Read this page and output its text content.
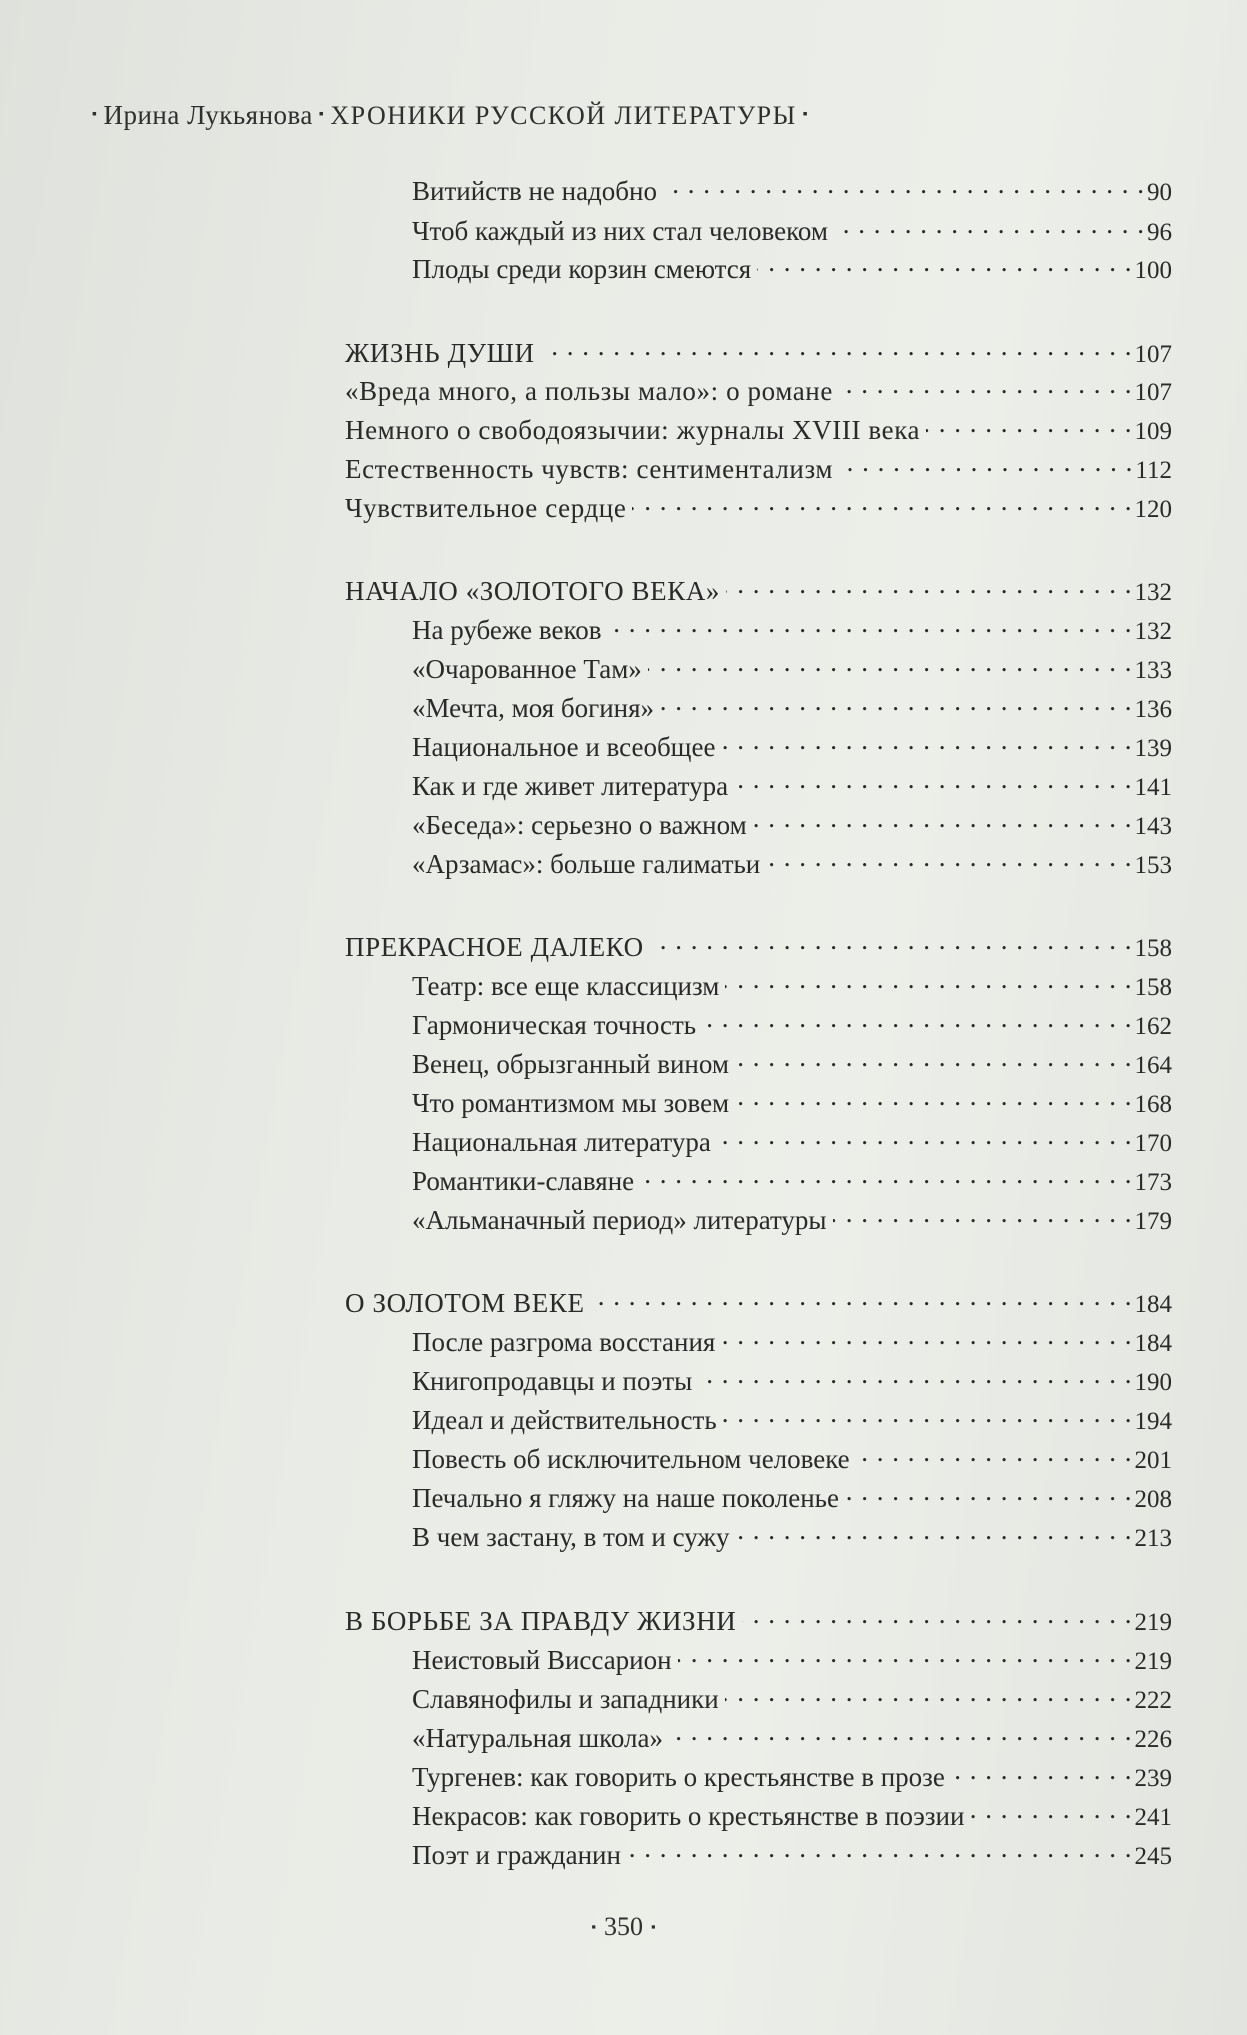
▪ Ирина Лукьянова ▪ ХРОНИКИ РУССКОЙ ЛИТЕРАТУРЫ ▪
Витийств не надобно . . .	90
Чтоб каждый из них стал человеком . . .	96
Плоды среди корзин смеются . . .	100
ЖИЗНЬ ДУШИ . . .	107
«Вреда много, а пользы мало»: о романе . . .	107
Немного о свободоязычии: журналы XVIII века . . .	109
Естественность чувств: сентиментализм . . .	112
Чувствительное сердце . . .	120
НАЧАЛО «ЗОЛОТОГО ВЕКА» . . .	132
На рубеже веков . . .	132
«Очарованное Там» . . .	133
«Мечта, моя богиня» . . .	136
Национальное и всеобщее . . .	139
Как и где живет литература . . .	141
«Беседа»: серьезно о важном . . .	143
«Арзамас»: больше галиматьи . . .	153
ПРЕКРАСНОЕ ДАЛЕКО . . .	158
Театр: все еще классицизм . . .	158
Гармоническая точность . . .	162
Венец, обрызганный вином . . .	164
Что романтизмом мы зовем . . .	168
Национальная литература . . .	170
Романтики-славяне . . .	173
«Альманачный период» литературы . . .	179
О ЗОЛОТОМ ВЕКЕ . . .	184
После разгрома восстания . . .	184
Книгопродавцы и поэты . . .	190
Идеал и действительность . . .	194
Повесть об исключительном человеке . . .	201
Печально я гляжу на наше поколенье . . .	208
В чем застану, в том и сужу . . .	213
В БОРЬБЕ ЗА ПРАВДУ ЖИЗНИ . . .	219
Неистовый Виссарион . . .	219
Славянофилы и западники . . .	222
«Натуральная школа» . . .	226
Тургенев: как говорить о крестьянстве в прозе . . .	239
Некрасов: как говорить о крестьянстве в поэзии . . .	241
Поэт и гражданин . . .	245
▪ 350 ▪
